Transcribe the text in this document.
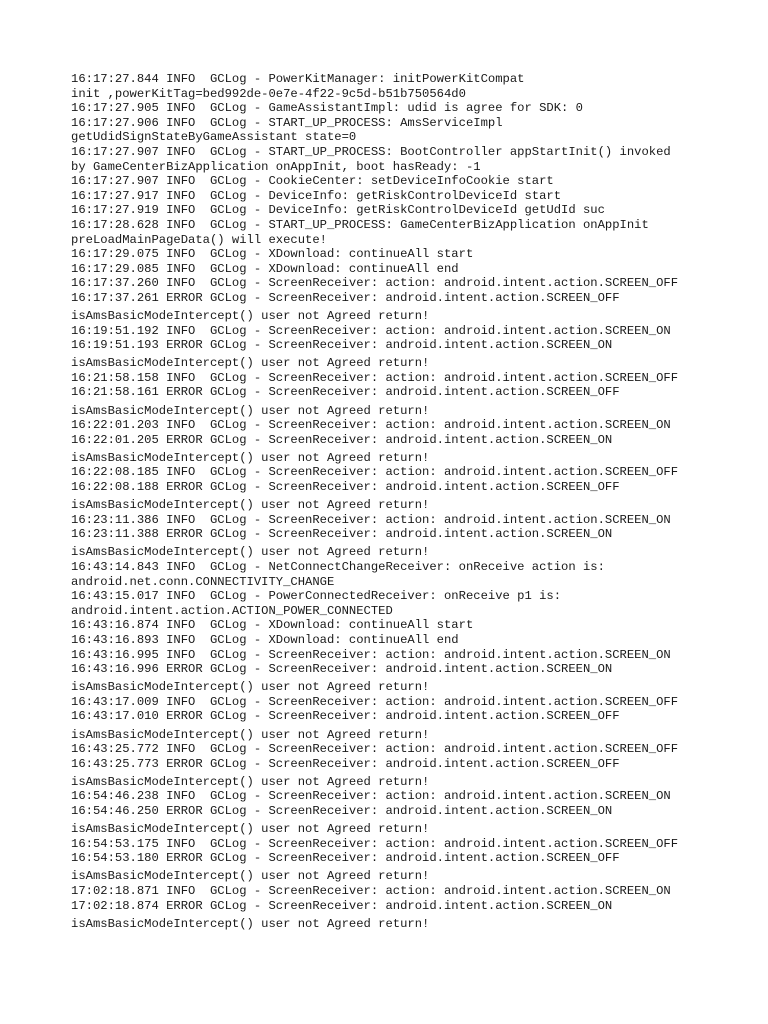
16:17:27.844 INFO  GCLog - PowerKitManager: initPowerKitCompat
init ,powerKitTag=bed992de-0e7e-4f22-9c5d-b51b750564d0
16:17:27.905 INFO  GCLog - GameAssistantImpl: udid is agree for SDK: 0
16:17:27.906 INFO  GCLog - START_UP_PROCESS: AmsServiceImpl
getUdidSignStateByGameAssistant state=0
16:17:27.907 INFO  GCLog - START_UP_PROCESS: BootController appStartInit() invoked
by GameCenterBizApplication onAppInit, boot hasReady: -1
16:17:27.907 INFO  GCLog - CookieCenter: setDeviceInfoCookie start
16:17:27.917 INFO  GCLog - DeviceInfo: getRiskControlDeviceId start
16:17:27.919 INFO  GCLog - DeviceInfo: getRiskControlDeviceId getUdId suc
16:17:28.628 INFO  GCLog - START_UP_PROCESS: GameCenterBizApplication onAppInit
preLoadMainPageData() will execute!
16:17:29.075 INFO  GCLog - XDownload: continueAll start
16:17:29.085 INFO  GCLog - XDownload: continueAll end
16:17:37.260 INFO  GCLog - ScreenReceiver: action: android.intent.action.SCREEN_OFF
16:17:37.261 ERROR GCLog - ScreenReceiver: android.intent.action.SCREEN_OFF
isAmsBasicModeIntercept() user not Agreed return!
16:19:51.192 INFO  GCLog - ScreenReceiver: action: android.intent.action.SCREEN_ON
16:19:51.193 ERROR GCLog - ScreenReceiver: android.intent.action.SCREEN_ON
isAmsBasicModeIntercept() user not Agreed return!
16:21:58.158 INFO  GCLog - ScreenReceiver: action: android.intent.action.SCREEN_OFF
16:21:58.161 ERROR GCLog - ScreenReceiver: android.intent.action.SCREEN_OFF
isAmsBasicModeIntercept() user not Agreed return!
16:22:01.203 INFO  GCLog - ScreenReceiver: action: android.intent.action.SCREEN_ON
16:22:01.205 ERROR GCLog - ScreenReceiver: android.intent.action.SCREEN_ON
isAmsBasicModeIntercept() user not Agreed return!
16:22:08.185 INFO  GCLog - ScreenReceiver: action: android.intent.action.SCREEN_OFF
16:22:08.188 ERROR GCLog - ScreenReceiver: android.intent.action.SCREEN_OFF
isAmsBasicModeIntercept() user not Agreed return!
16:23:11.386 INFO  GCLog - ScreenReceiver: action: android.intent.action.SCREEN_ON
16:23:11.388 ERROR GCLog - ScreenReceiver: android.intent.action.SCREEN_ON
isAmsBasicModeIntercept() user not Agreed return!
16:43:14.843 INFO  GCLog - NetConnectChangeReceiver: onReceive action is:
android.net.conn.CONNECTIVITY_CHANGE
16:43:15.017 INFO  GCLog - PowerConnectedReceiver: onReceive p1 is:
android.intent.action.ACTION_POWER_CONNECTED
16:43:16.874 INFO  GCLog - XDownload: continueAll start
16:43:16.893 INFO  GCLog - XDownload: continueAll end
16:43:16.995 INFO  GCLog - ScreenReceiver: action: android.intent.action.SCREEN_ON
16:43:16.996 ERROR GCLog - ScreenReceiver: android.intent.action.SCREEN_ON
isAmsBasicModeIntercept() user not Agreed return!
16:43:17.009 INFO  GCLog - ScreenReceiver: action: android.intent.action.SCREEN_OFF
16:43:17.010 ERROR GCLog - ScreenReceiver: android.intent.action.SCREEN_OFF
isAmsBasicModeIntercept() user not Agreed return!
16:43:25.772 INFO  GCLog - ScreenReceiver: action: android.intent.action.SCREEN_OFF
16:43:25.773 ERROR GCLog - ScreenReceiver: android.intent.action.SCREEN_OFF
isAmsBasicModeIntercept() user not Agreed return!
16:54:46.238 INFO  GCLog - ScreenReceiver: action: android.intent.action.SCREEN_ON
16:54:46.250 ERROR GCLog - ScreenReceiver: android.intent.action.SCREEN_ON
isAmsBasicModeIntercept() user not Agreed return!
16:54:53.175 INFO  GCLog - ScreenReceiver: action: android.intent.action.SCREEN_OFF
16:54:53.180 ERROR GCLog - ScreenReceiver: android.intent.action.SCREEN_OFF
isAmsBasicModeIntercept() user not Agreed return!
17:02:18.871 INFO  GCLog - ScreenReceiver: action: android.intent.action.SCREEN_ON
17:02:18.874 ERROR GCLog - ScreenReceiver: android.intent.action.SCREEN_ON
isAmsBasicModeIntercept() user not Agreed return!
